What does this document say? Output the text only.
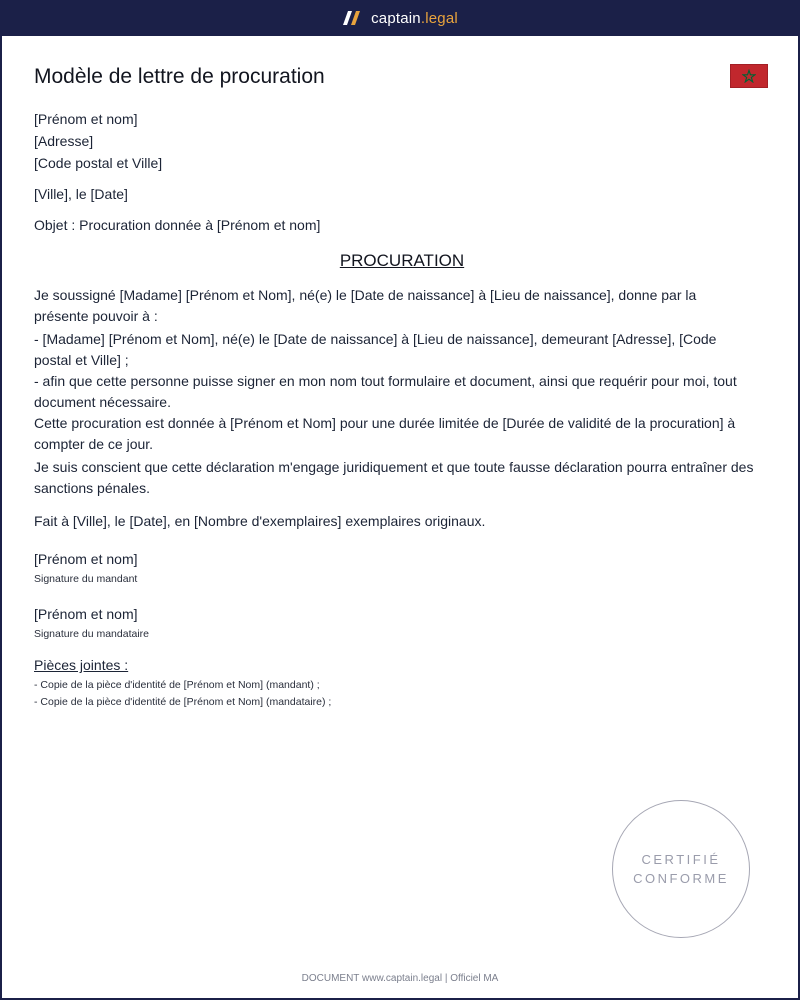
captain.legal
Modèle de lettre de procuration
[Prénom et nom]
[Adresse]
[Code postal et Ville]
[Ville], le [Date]
Objet : Procuration donnée à [Prénom et nom]
PROCURATION
Je soussigné [Madame] [Prénom et Nom], né(e) le [Date de naissance] à [Lieu de naissance], donne par la présente pouvoir à :
- [Madame] [Prénom et Nom], né(e) le [Date de naissance] à [Lieu de naissance], demeurant [Adresse], [Code postal et Ville] ;
- afin que cette personne puisse signer en mon nom tout formulaire et document, ainsi que requérir pour moi, tout document nécessaire.
Cette procuration est donnée à [Prénom et Nom] pour une durée limitée de [Durée de validité de la procuration] à compter de ce jour.
Je suis conscient que cette déclaration m'engage juridiquement et que toute fausse déclaration pourra entraîner des sanctions pénales.
Fait à [Ville], le [Date], en [Nombre d'exemplaires] exemplaires originaux.
[Prénom et nom]
Signature du mandant
[Prénom et nom]
Signature du mandataire
Pièces jointes :
- Copie de la pièce d'identité de [Prénom et Nom] (mandant) ;
- Copie de la pièce d'identité de [Prénom et Nom] (mandataire) ;
CERTIFIÉ
CONFORME
DOCUMENT www.captain.legal | Officiel MA
